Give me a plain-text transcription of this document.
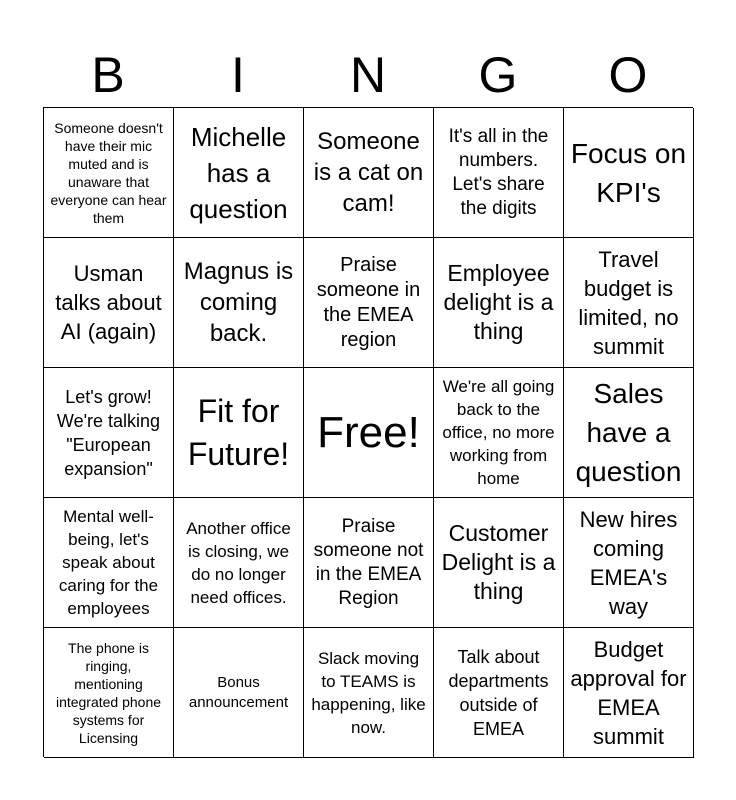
B	I	N	G	O
Someone doesn't have their mic muted and is unaware that everyone can hear them
Michelle has a question
Someone is a cat on cam!
It's all in the numbers. Let's share the digits
Focus on KPI's
Usman talks about AI (again)
Magnus is coming back.
Praise someone in the EMEA region
Employee delight is a thing
Travel budget is limited, no summit
Let's grow! We're talking "European expansion"
Fit for Future! Free!
We're all going back to the office, no more working from home
Sales have a question
Mental well-being, let's speak about caring for the employees
Another office is closing, we do no longer need offices.
Praise someone not in the EMEA Region
Customer Delight is a thing
New hires coming EMEA's way
The phone is ringing, mentioning integrated phone systems for Licensing
Bonus announcement
Slack moving to TEAMS is happening, like now.
Talk about departments outside of EMEA
Budget approval for EMEA summit
